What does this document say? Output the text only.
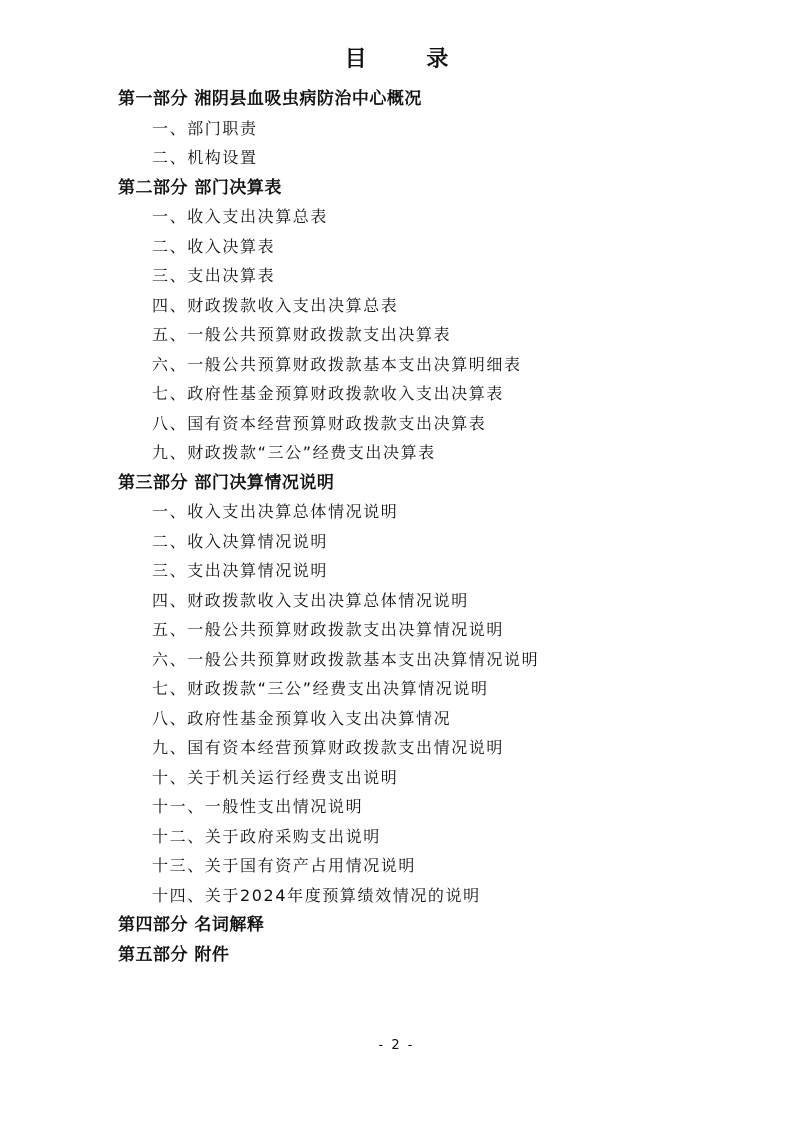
目 录
第一部分 湘阴县血吸虫病防治中心概况
一、部门职责
二、机构设置
第二部分 部门决算表
一、收入支出决算总表
二、收入决算表
三、支出决算表
四、财政拨款收入支出决算总表
五、一般公共预算财政拨款支出决算表
六、一般公共预算财政拨款基本支出决算明细表
七、政府性基金预算财政拨款收入支出决算表
八、国有资本经营预算财政拨款支出决算表
九、财政拨款“三公”经费支出决算表
第三部分 部门决算情况说明
一、收入支出决算总体情况说明
二、收入决算情况说明
三、支出决算情况说明
四、财政拨款收入支出决算总体情况说明
五、一般公共预算财政拨款支出决算情况说明
六、一般公共预算财政拨款基本支出决算情况说明
七、财政拨款“三公”经费支出决算情况说明
八、政府性基金预算收入支出决算情况
九、国有资本经营预算财政拨款支出情况说明
十、关于机关运行经费支出说明
十一、一般性支出情况说明
十二、关于政府采购支出说明
十三、关于国有资产占用情况说明
十四、关于2024年度预算绩效情况的说明
第四部分 名词解释
第五部分 附件
- 2 -
